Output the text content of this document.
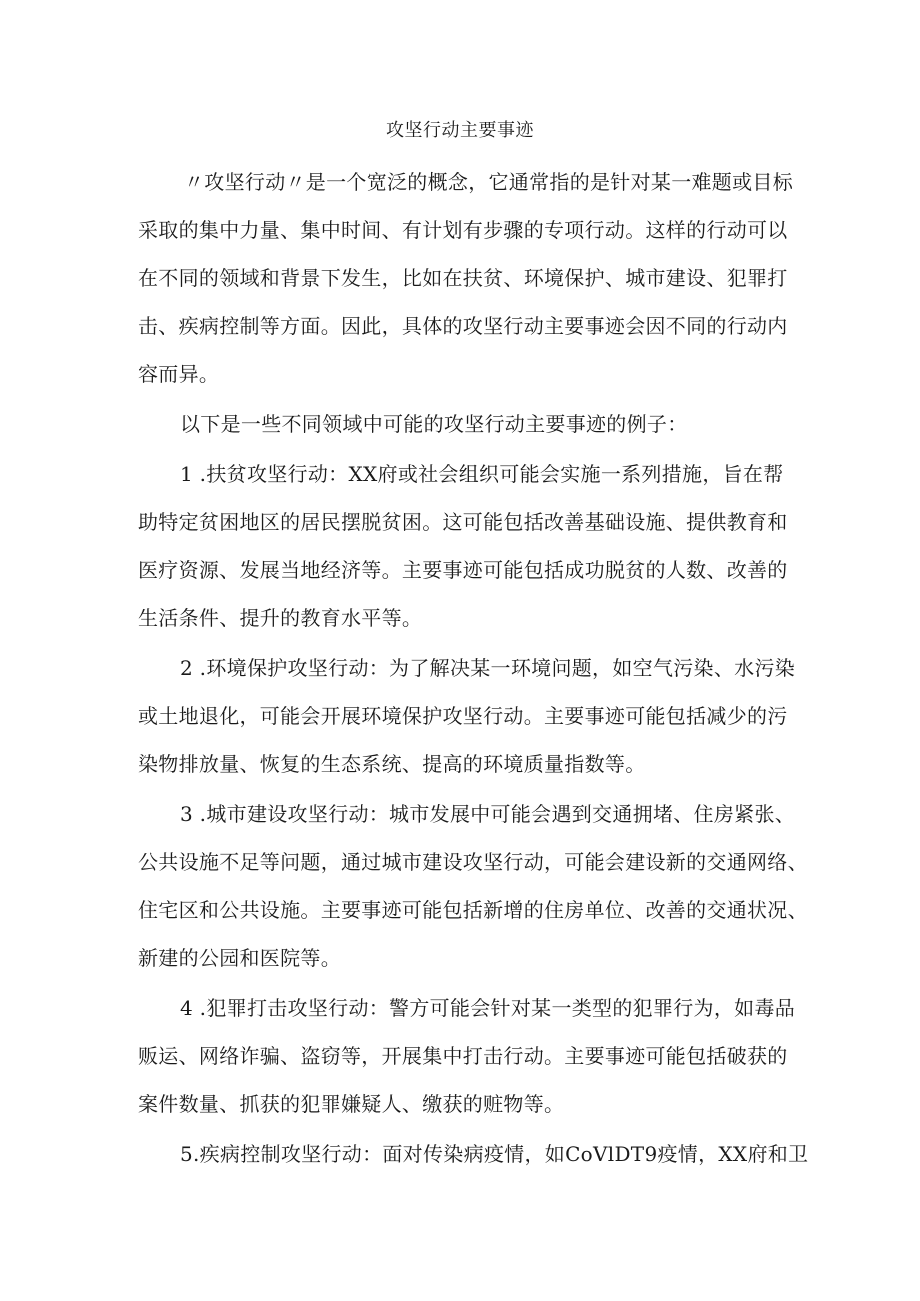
攻坚行动主要事迹
〃攻坚行动〃是一个宽泛的概念，它通常指的是针对某一难题或目标
采取的集中力量、集中时间、有计划有步骤的专项行动。这样的行动可以
在不同的领域和背景下发生，比如在扶贫、环境保护、城市建设、犯罪打
击、疾病控制等方面。因此，具体的攻坚行动主要事迹会因不同的行动内
容而异。
以下是一些不同领域中可能的攻坚行动主要事迹的例子：
1 .扶贫攻坚行动：XX府或社会组织可能会实施一系列措施，旨在帮
助特定贫困地区的居民摆脱贫困。这可能包括改善基础设施、提供教育和
医疗资源、发展当地经济等。主要事迹可能包括成功脱贫的人数、改善的
生活条件、提升的教育水平等。
2 .环境保护攻坚行动：为了解决某一环境问题，如空气污染、水污染
或土地退化，可能会开展环境保护攻坚行动。主要事迹可能包括减少的污
染物排放量、恢复的生态系统、提高的环境质量指数等。
3 .城市建设攻坚行动：城市发展中可能会遇到交通拥堵、住房紧张、
公共设施不足等问题，通过城市建设攻坚行动，可能会建设新的交通网络、
住宅区和公共设施。主要事迹可能包括新增的住房单位、改善的交通状况、
新建的公园和医院等。
4 .犯罪打击攻坚行动：警方可能会针对某一类型的犯罪行为，如毒品
贩运、网络诈骗、盗窃等，开展集中打击行动。主要事迹可能包括破获的
案件数量、抓获的犯罪嫌疑人、缴获的赃物等。
5.疾病控制攻坚行动：面对传染病疫情，如CoVlDT9疫情，XX府和卫
